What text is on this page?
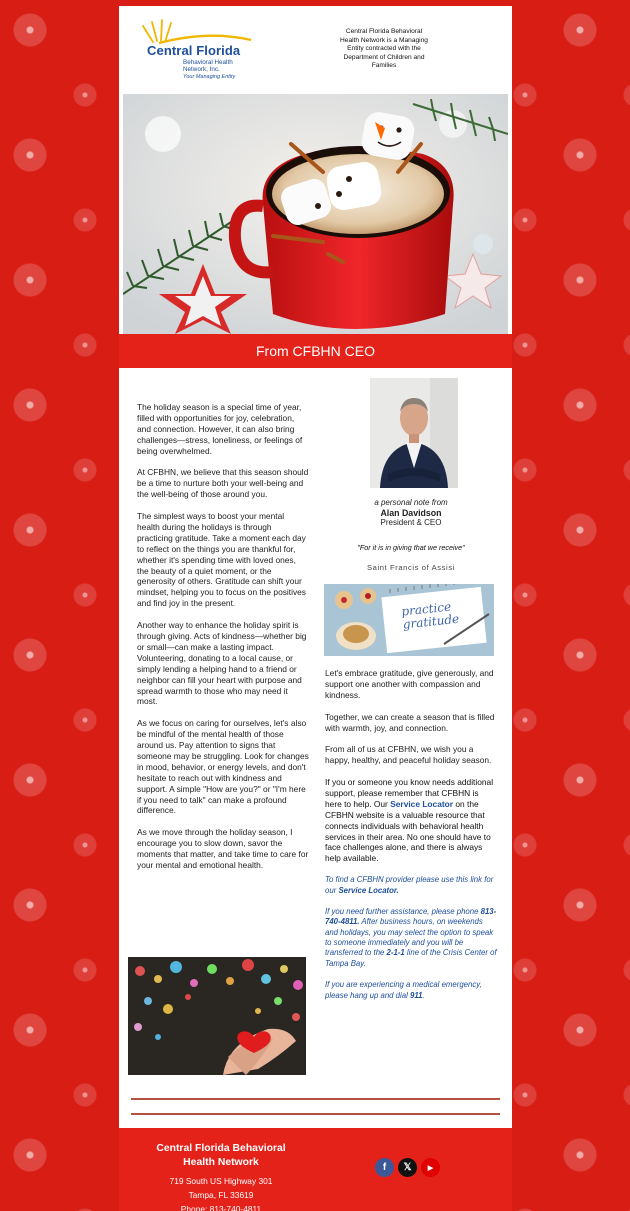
Central Florida
Behavioral Health
Network, Inc.
Your Managing Entity
Central Florida Behavioral Health Network is a Managing Entity contracted with the Department of Children and Families
From CFBHN CEO

The holiday season is a special time of year, filled with opportunities for joy, celebration, and connection. However, it can also bring challenges—stress, loneliness, or feelings of being overwhelmed.

At CFBHN, we believe that this season should be a time to nurture both your well-being and the well-being of those around you.

The simplest ways to boost your mental health during the holidays is through practicing gratitude. Take a moment each day to reflect on the things you are thankful for, whether it's spending time with loved ones, the beauty of a quiet moment, or the generosity of others. Gratitude can shift your mindset, helping you to focus on the positives and find joy in the present.

Another way to enhance the holiday spirit is through giving. Acts of kindness—whether big or small—can make a lasting impact. Volunteering, donating to a local cause, or simply lending a helping hand to a friend or neighbor can fill your heart with purpose and spread warmth to those who may need it most.

As we focus on caring for ourselves, let's also be mindful of the mental health of those around us. Pay attention to signs that someone may be struggling. Look for changes in mood, behavior, or energy levels, and don't hesitate to reach out with kindness and support. A simple "How are you?" or "I'm here if you need to talk" can make a profound difference.

As we move through the holiday season, I encourage you to slow down, savor the moments that matter, and take time to care for your mental and emotional health.

a personal note from
Alan Davidson
President & CEO
"For it is in giving that we receive"
Saint Francis of Assisi
practice gratitude

Let's embrace gratitude, give generously, and support one another with compassion and kindness.

Together, we can create a season that is filled with warmth, joy, and connection.

From all of us at CFBHN, we wish you a happy, healthy, and peaceful holiday season.

If you or someone you know needs additional support, please remember that CFBHN is here to help. Our Service Locator on the CFBHN website is a valuable resource that connects individuals with behavioral health services in their area. No one should have to face challenges alone, and there is always help available.

To find a CFBHN provider please use this link for our Service Locator.

If you need further assistance, please phone 813-740-4811. After business hours, on weekends and holidays, you may select the option to speak to someone immediately and you will be transferred to the 2-1-1 line of the Crisis Center of Tampa Bay.

If you are experiencing a medical emergency, please hang up and dial 911.

Central Florida Behavioral Health Network
719 South US Highway 301
Tampa, FL 33619
Phone: 813-740-4811
f	𝕏	▶
